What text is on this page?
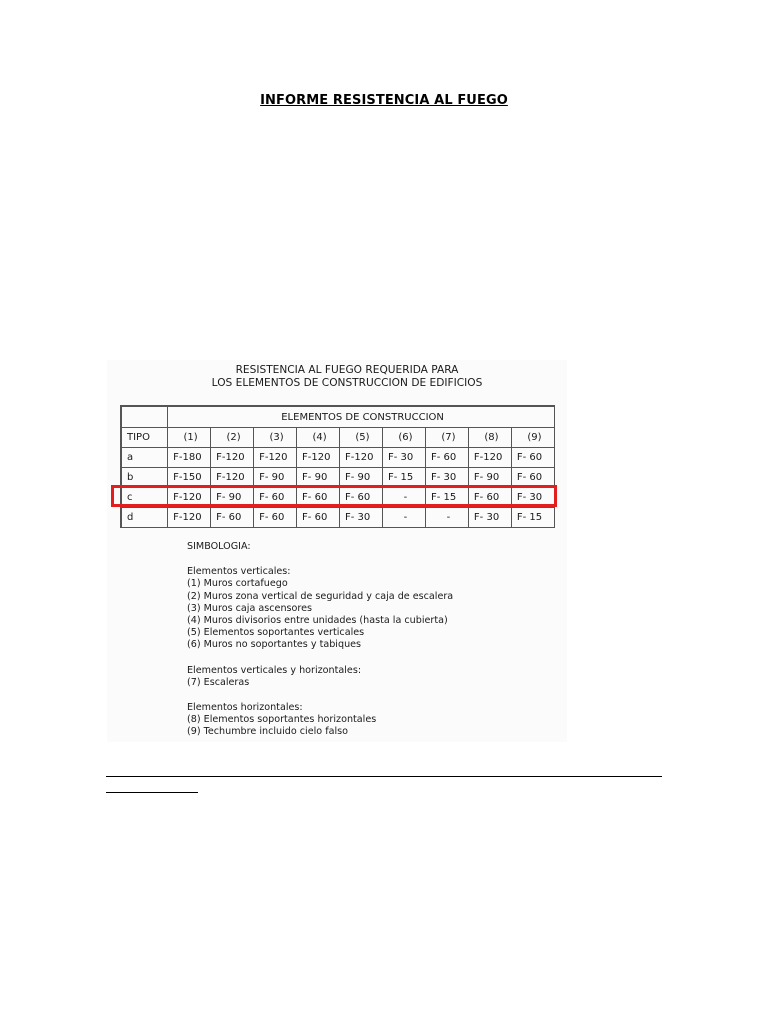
INFORME RESISTENCIA AL FUEGO
RESISTENCIA AL FUEGO REQUERIDA PARA
LOS ELEMENTOS DE CONSTRUCCION DE EDIFICIOS
	ELEMENTOS DE CONSTRUCCION								
TIPO	(1)	(2)	(3)	(4)	(5)	(6)	(7)	(8)	(9)
a	F-180	F-120	F-120	F-120	F-120	F- 30	F- 60	F-120	F- 60
b	F-150	F-120	F- 90	F- 90	F- 90	F- 15	F- 30	F- 90	F- 60
c	F-120	F- 90	F- 60	F- 60	F- 60	-	F- 15	F- 60	F- 30
d	F-120	F- 60	F- 60	F- 60	F- 30	-	-	F- 30	F- 15
SIMBOLOGIA:
Elementos verticales:
(1) Muros cortafuego
(2) Muros zona vertical de seguridad y caja de escalera
(3) Muros caja ascensores
(4) Muros divisorios entre unidades (hasta la cubierta)
(5) Elementos soportantes verticales
(6) Muros no soportantes y tabiques
Elementos verticales y horizontales:
(7) Escaleras
Elementos horizontales:
(8) Elementos soportantes horizontales
(9) Techumbre incluido cielo falso
